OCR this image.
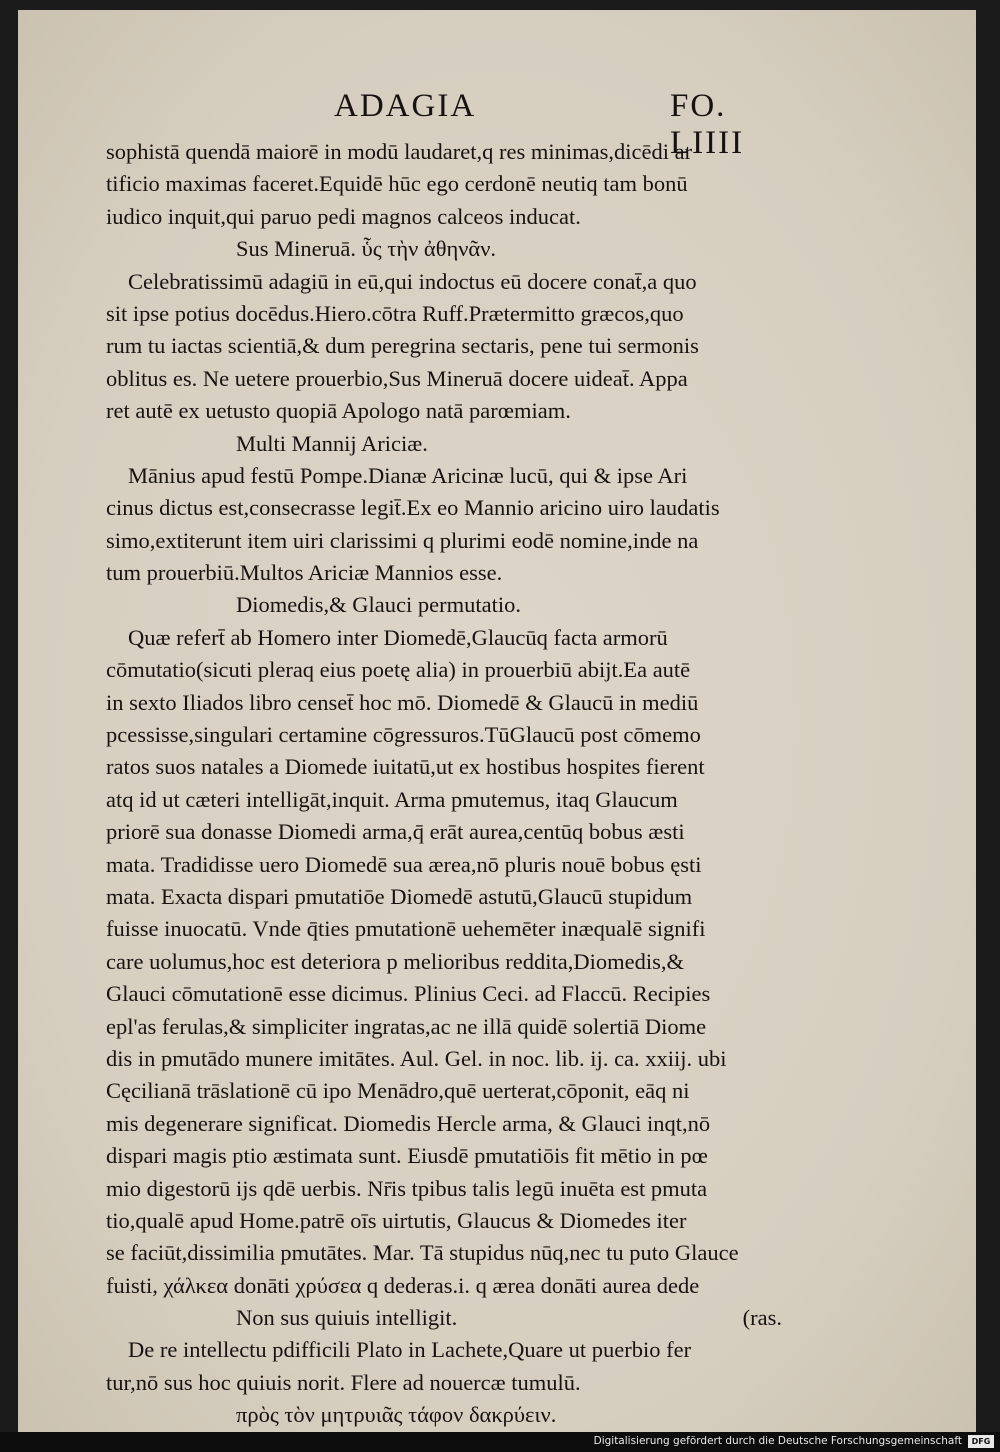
ADAGIA	FO. LIIII
sophistā quendā maiorē in modū laudaret,q res minimas,dicēdi ar
tificio maximas faceret.Equidē hūc ego cerdonē neutiq tam bonū
iudico inquit,qui paruo pedi magnos calceos inducat.
Sus Mineruā. ὗς τὴν ἀθηνᾶν.
Celebratissimū adagiū in eū,qui indoctus eū docere conat̄,a quo
sit ipse potius docēdus.Hiero.cōtra Ruff.Prætermitto græcos,quo
rum tu iactas scientiā,& dum peregrina sectaris, pene tui sermonis
oblitus es. Ne uetere prouerbio,Sus Mineruā docere uideat̄. Appa
ret autē ex uetusto quopiā Apologo natā parœmiam.
Multi Mannij Ariciæ.
Mānius apud festū Pompe.Dianæ Aricinæ lucū, qui & ipse Ari
cinus dictus est,consecrasse legit̄.Ex eo Mannio aricino uiro laudatis
simo,extiterunt item uiri clarissimi q plurimi eodē nomine,inde na
tum prouerbiū.Multos Ariciæ Mannios esse.
Diomedis,& Glauci permutatio.
Quæ refert̄ ab Homero inter Diomedē,Glaucūq facta armorū
cōmutatio(sicuti pleraq eius poetę alia) in prouerbiū abijt.Ea autē
in sexto Iliados libro censet̄ hoc mō. Diomedē & Glaucū in mediū
pcessisse,singulari certamine cōgressuros.TūGlaucū post cōmemo
ratos suos natales a Diomede iuitatū,ut ex hostibus hospites fierent
atq id ut cæteri intelligāt,inquit. Arma pmutemus, itaq Glaucum
priorē sua donasse Diomedi arma,q̄ erāt aurea,centūq bobus æsti
mata. Tradidisse uero Diomedē sua ærea,nō pluris nouē bobus ęsti
mata. Exacta dispari pmutatiōe Diomedē astutū,Glaucū stupidum
fuisse inuocatū. Vnde q̄ties pmutationē uehemēter inæqualē signifi
care uolumus,hoc est deteriora p melioribus reddita,Diomedis,&
Glauci cōmutationē esse dicimus. Plinius Ceci. ad Flaccū. Recipies
epl'as ferulas,& simpliciter ingratas,ac ne illā quidē solertiā Diome
dis in pmutādo munere imitātes. Aul. Gel. in noc. lib. ij. ca. xxiij. ubi
Cęcilianā trāslationē cū ipo Menādro,quē uerterat,cōponit, eāq ni
mis degenerare significat. Diomedis Hercle arma, & Glauci inqt,nō
dispari magis ptio æstimata sunt. Eiusdē pmutatiōis fit mētio in pœ
mio digestorū ijs qdē uerbis. Nr̄is tpibus talis legū inuēta est pmuta
tio,qualē apud Home.patrē oīs uirtutis, Glaucus & Diomedes iter
se faciūt,dissimilia pmutātes. Mar. Tā stupidus nūq,nec tu puto Glauce
fuisti, χάλκεα donāti χρύσεα q dederas.i. q ærea donāti aurea dede
Non sus quiuis intelligit.	(ras.
De re intellectu pdifficili Plato in Lachete,Quare ut puerbio fer
tur,nō sus hoc quiuis norit. Flere ad nouercæ tumulū.
πρὸς τὸν μητρυιᾶς τάφον δακρύειν.
Digitalisierung gefördert durch die Deutsche Forschungsgemeinschaft	DFG
